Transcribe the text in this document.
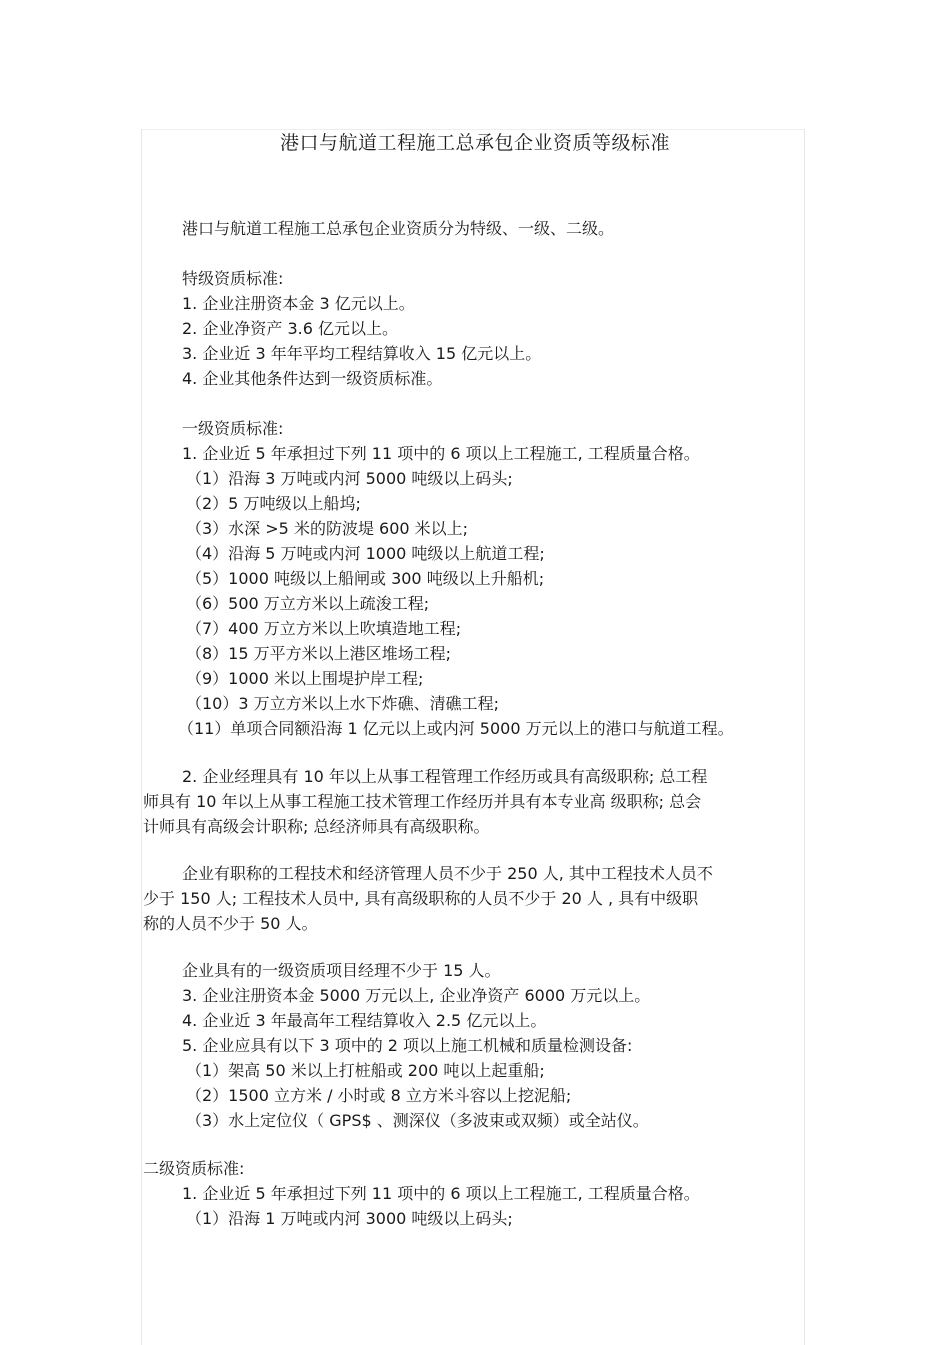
港口与航道工程施工总承包企业资质等级标准
港口与航道工程施工总承包企业资质分为特级、一级、二级。
特级资质标准:
1. 企业注册资本金 3 亿元以上。
2. 企业净资产 3.6 亿元以上。
3. 企业近 3 年年平均工程结算收入 15 亿元以上。
4. 企业其他条件达到一级资质标准。
一级资质标准:
1. 企业近 5 年承担过下列 11 项中的 6 项以上工程施工, 工程质量合格。
（1）沿海 3 万吨或内河 5000 吨级以上码头;
（2）5 万吨级以上船坞;
（3）水深 >5 米的防波堤 600 米以上;
（4）沿海 5 万吨或内河 1000 吨级以上航道工程;
（5）1000 吨级以上船闸或 300 吨级以上升船机;
（6）500 万立方米以上疏浚工程;
（7）400 万立方米以上吹填造地工程;
（8）15 万平方米以上港区堆场工程;
（9）1000 米以上围堤护岸工程;
（10）3 万立方米以上水下炸礁、清礁工程;
（11）单项合同额沿海 1 亿元以上或内河 5000 万元以上的港口与航道工程。
2. 企业经理具有 10 年以上从事工程管理工作经历或具有高级职称; 总工程
师具有 10 年以上从事工程施工技术管理工作经历并具有本专业高 级职称; 总会
计师具有高级会计职称; 总经济师具有高级职称。
企业有职称的工程技术和经济管理人员不少于 250 人, 其中工程技术人员不
少于 150 人; 工程技术人员中, 具有高级职称的人员不少于 20 人 , 具有中级职
称的人员不少于 50 人。
企业具有的一级资质项目经理不少于 15 人。
3. 企业注册资本金 5000 万元以上, 企业净资产 6000 万元以上。
4. 企业近 3 年最高年工程结算收入 2.5 亿元以上。
5. 企业应具有以下 3 项中的 2 项以上施工机械和质量检测设备:
（1）架高 50 米以上打桩船或 200 吨以上起重船;
（2）1500 立方米 / 小时或 8 立方米斗容以上挖泥船;
（3）水上定位仪（ GPS$ 、测深仪（多波束或双频）或全站仪。
二级资质标准:
1. 企业近 5 年承担过下列 11 项中的 6 项以上工程施工, 工程质量合格。
（1）沿海 1 万吨或内河 3000 吨级以上码头;
